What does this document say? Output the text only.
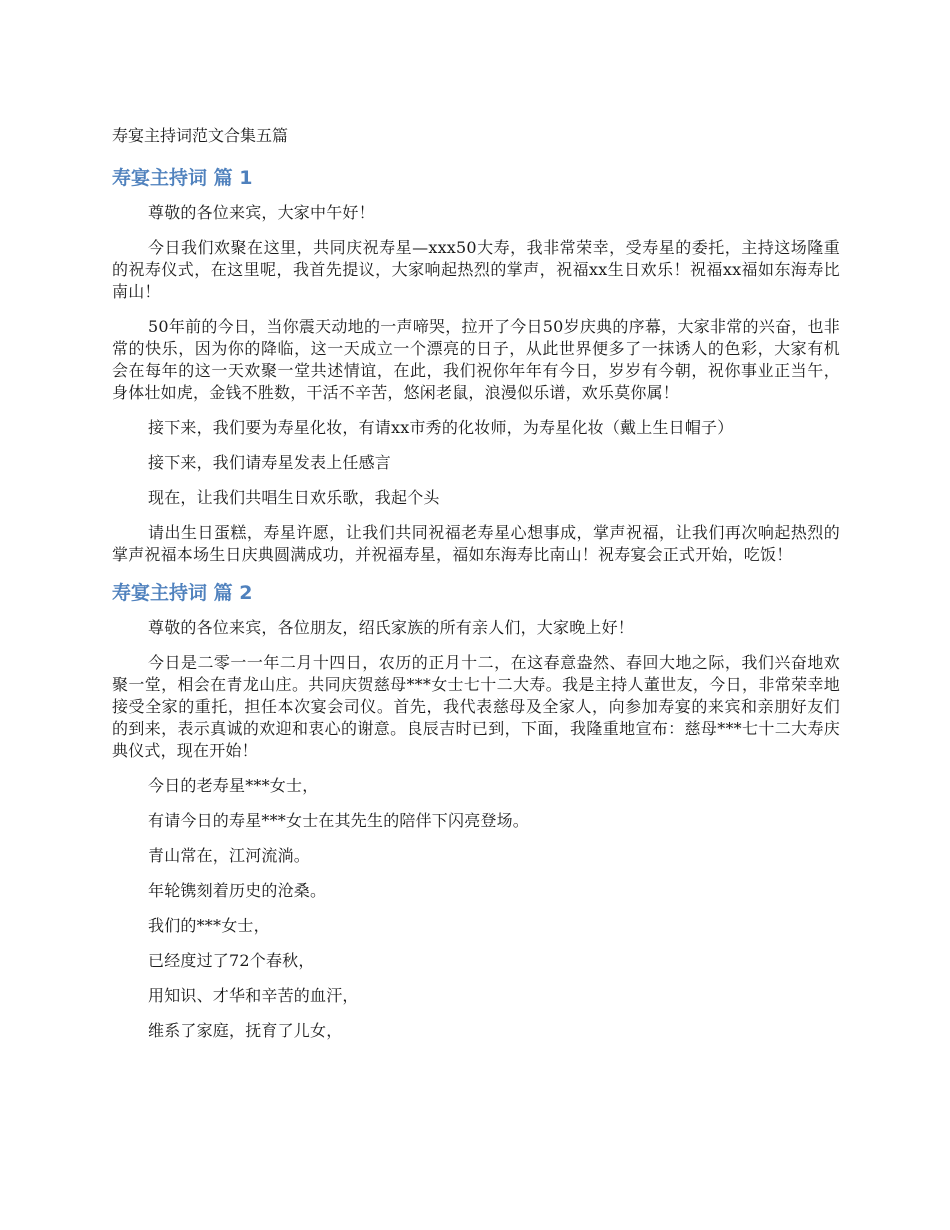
寿宴主持词范文合集五篇
寿宴主持词 篇 1

尊敬的各位来宾，大家中午好！

今日我们欢聚在这里，共同庆祝寿星—xxx50大寿，我非常荣幸，受寿星的委托，主持这场隆重的祝寿仪式，在这里呢，我首先提议，大家响起热烈的掌声，祝福xx生日欢乐！祝福xx福如东海寿比南山！

50年前的今日，当你震天动地的一声啼哭，拉开了今日50岁庆典的序幕，大家非常的兴奋，也非常的快乐，因为你的降临，这一天成立一个漂亮的日子，从此世界便多了一抹诱人的色彩，大家有机会在每年的这一天欢聚一堂共述情谊，在此，我们祝你年年有今日，岁岁有今朝，祝你事业正当午，身体壮如虎，金钱不胜数，干活不辛苦，悠闲老鼠，浪漫似乐谱，欢乐莫你属！

接下来，我们要为寿星化妆，有请xx市秀的化妆师，为寿星化妆（戴上生日帽子）

接下来，我们请寿星发表上任感言

现在，让我们共唱生日欢乐歌，我起个头

请出生日蛋糕，寿星许愿，让我们共同祝福老寿星心想事成，掌声祝福，让我们再次响起热烈的掌声祝福本场生日庆典圆满成功，并祝福寿星，福如东海寿比南山！祝寿宴会正式开始，吃饭！

寿宴主持词 篇 2

尊敬的各位来宾，各位朋友，绍氏家族的所有亲人们，大家晚上好！

今日是二零一一年二月十四日，农历的正月十二，在这春意盎然、春回大地之际，我们兴奋地欢聚一堂，相会在青龙山庄。共同庆贺慈母***女士七十二大寿。我是主持人董世友，今日，非常荣幸地接受全家的重托，担任本次宴会司仪。首先，我代表慈母及全家人，向参加寿宴的来宾和亲朋好友们的到来，表示真诚的欢迎和衷心的谢意。良辰吉时已到，下面，我隆重地宣布：慈母***七十二大寿庆典仪式，现在开始！

今日的老寿星***女士，

有请今日的寿星***女士在其先生的陪伴下闪亮登场。

青山常在，江河流淌。

年轮镌刻着历史的沧桑。

我们的***女士，

已经度过了72个春秋，

用知识、才华和辛苦的血汗，

维系了家庭，抚育了儿女，
